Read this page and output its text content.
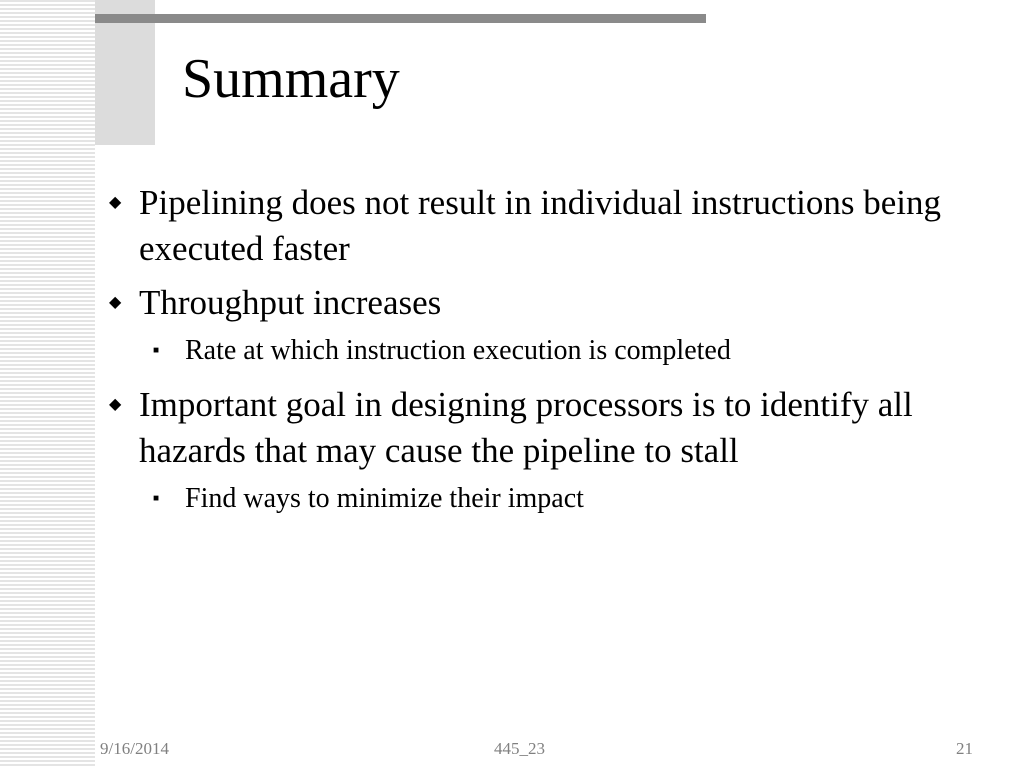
Summary
◆ Pipelining does not result in individual instructions being executed faster
◆ Throughput increases
■ Rate at which instruction execution is completed
◆ Important goal in designing processors is to identify all hazards that may cause the pipeline to stall
■ Find ways to minimize their impact
9/16/2014	445_23	21
